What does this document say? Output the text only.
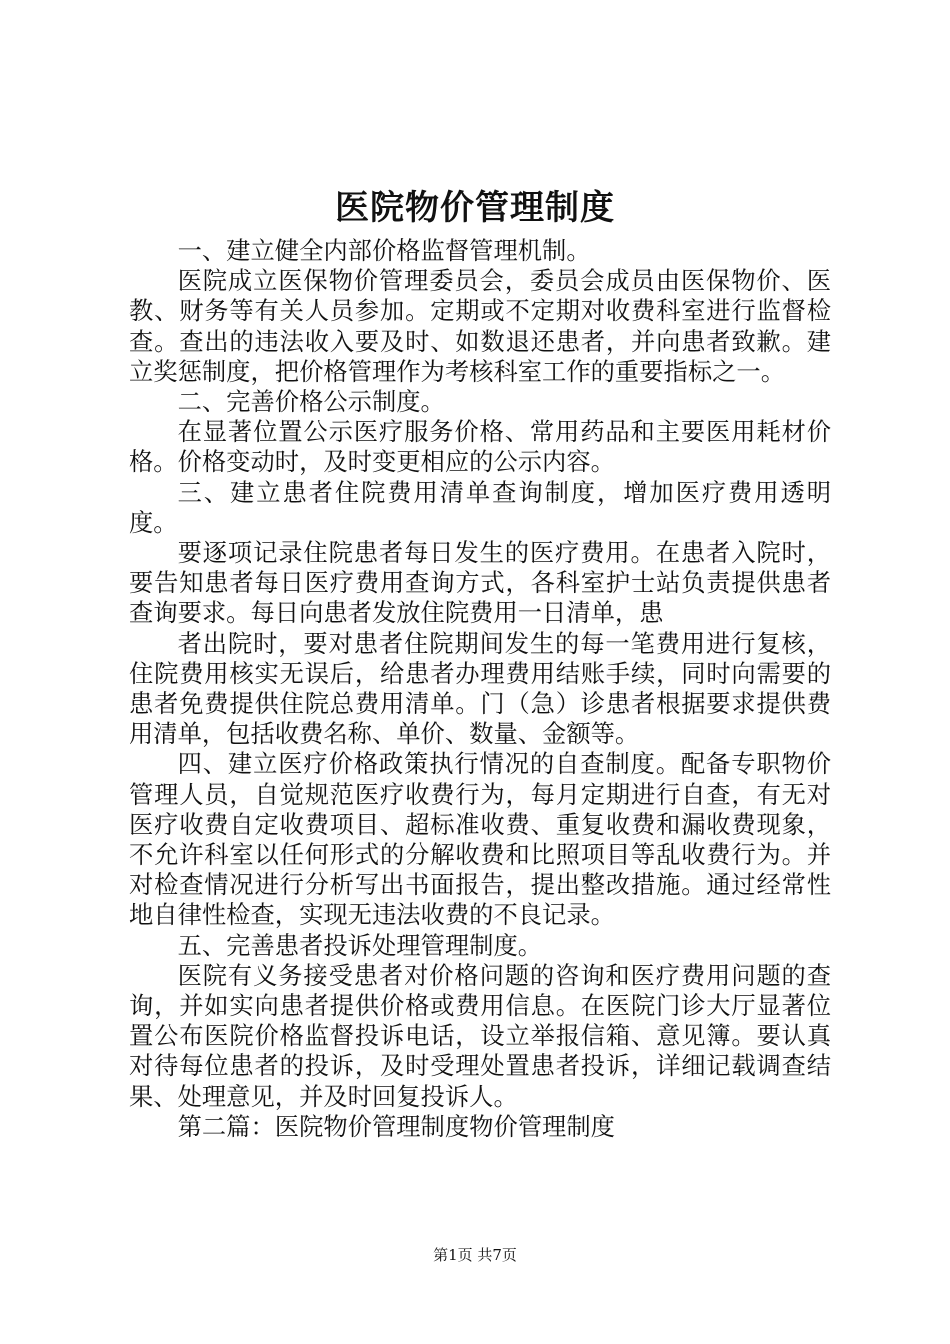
医院物价管理制度

一、建立健全内部价格监督管理机制。

医院成立医保物价管理委员会，委员会成员由医保物价、医教、财务等有关人员参加。定期或不定期对收费科室进行监督检查。查出的违法收入要及时、如数退还患者，并向患者致歉。建立奖惩制度，把价格管理作为考核科室工作的重要指标之一。

二、完善价格公示制度。

在显著位置公示医疗服务价格、常用药品和主要医用耗材价格。价格变动时，及时变更相应的公示内容。

三、建立患者住院费用清单查询制度，增加医疗费用透明度。

要逐项记录住院患者每日发生的医疗费用。在患者入院时，要告知患者每日医疗费用查询方式，各科室护士站负责提供患者查询要求。每日向患者发放住院费用一日清单，患

者出院时，要对患者住院期间发生的每一笔费用进行复核，住院费用核实无误后，给患者办理费用结账手续，同时向需要的患者免费提供住院总费用清单。门（急）诊患者根据要求提供费用清单，包括收费名称、单价、数量、金额等。

四、建立医疗价格政策执行情况的自查制度。配备专职物价管理人员，自觉规范医疗收费行为，每月定期进行自查，有无对医疗收费自定收费项目、超标准收费、重复收费和漏收费现象，不允许科室以任何形式的分解收费和比照项目等乱收费行为。并对检查情况进行分析写出书面报告，提出整改措施。通过经常性地自律性检查，实现无违法收费的不良记录。

五、完善患者投诉处理管理制度。

医院有义务接受患者对价格问题的咨询和医疗费用问题的查询，并如实向患者提供价格或费用信息。在医院门诊大厅显著位置公布医院价格监督投诉电话，设立举报信箱、意见簿。要认真对待每位患者的投诉，及时受理处置患者投诉，详细记载调查结果、处理意见，并及时回复投诉人。

第二篇：医院物价管理制度物价管理制度

第1页 共7页
